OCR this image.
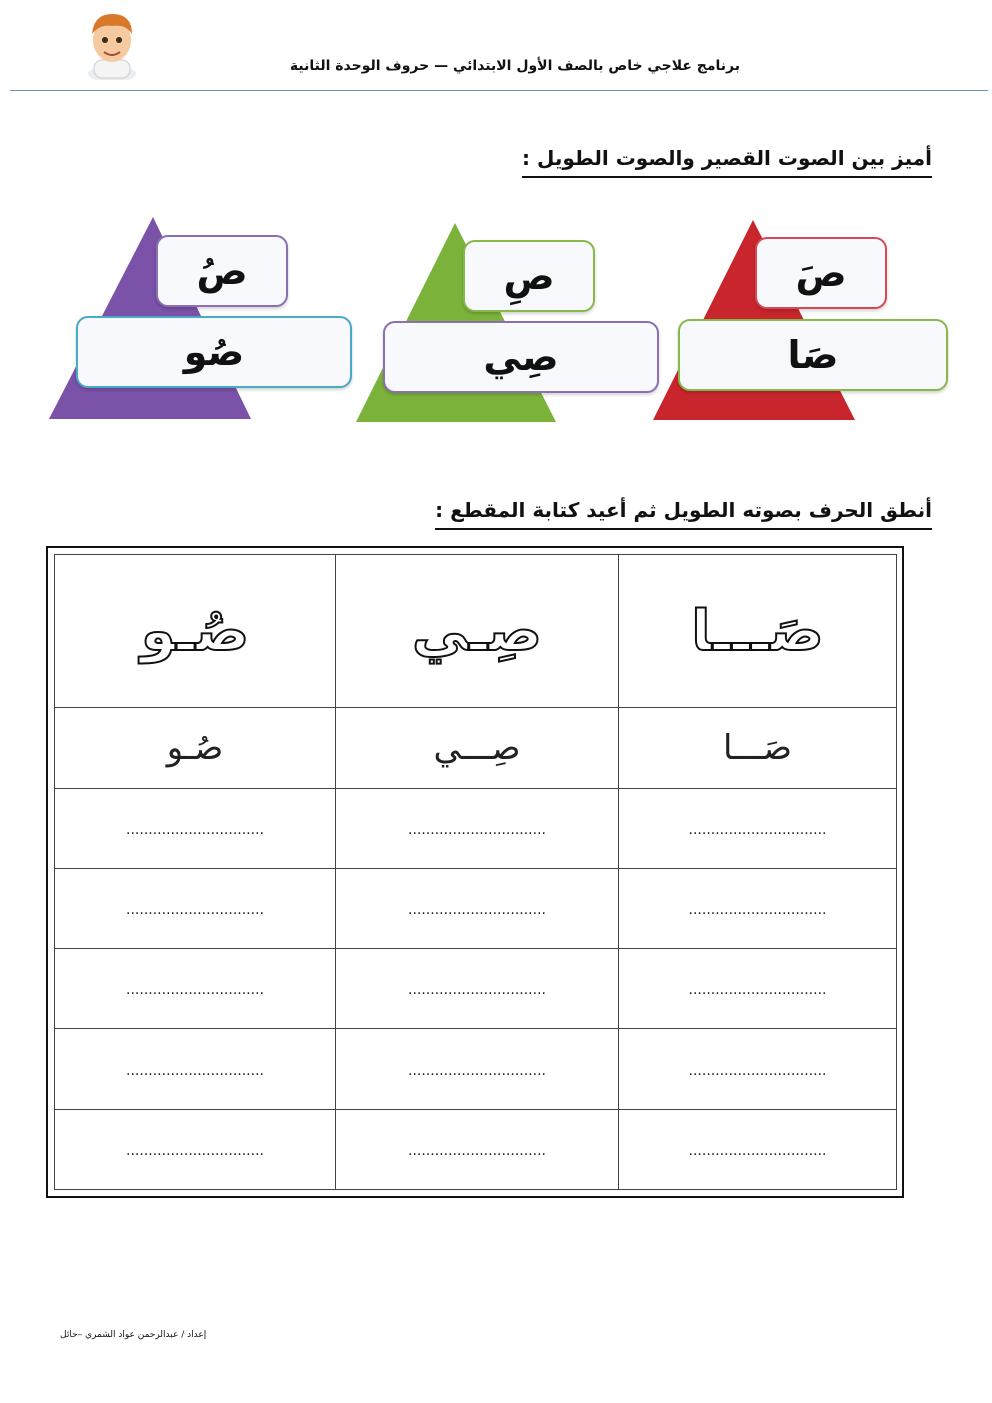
برنامج علاجي خاص بالصف الأول الابتدائي — حروف الوحدة الثانية
أميز بين الصوت القصير والصوت الطويل :
صَ
صَا
صِ
صِي
صُ
صُو
أنطق الحرف بصوته الطويل ثم أعيد كتابة المقطع :
صَـــا	صِـي	صُـو
صَـــا	صِـــي	صُـو
...............................	...............................	...............................
...............................	...............................	...............................
...............................	...............................	...............................
...............................	...............................	...............................
...............................	...............................	...............................
إعداد / عبدالرحمن عواد الشمري –حائل
